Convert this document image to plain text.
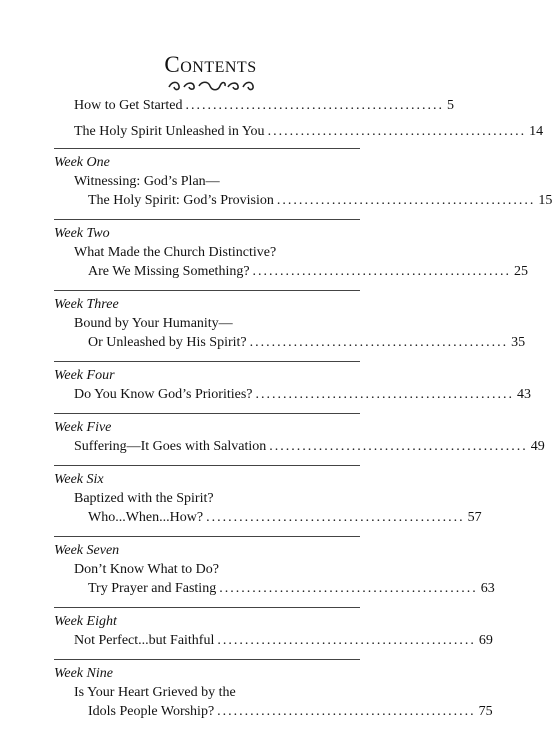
Contents
How to Get Started ............................................... 5
The Holy Spirit Unleashed in You ............................................... 14
Week One
Witnessing: God’s Plan—
The Holy Spirit: God’s Provision ............................................... 15
Week Two
What Made the Church Distinctive?
Are We Missing Something? ............................................... 25
Week Three
Bound by Your Humanity—
Or Unleashed by His Spirit? ............................................... 35
Week Four
Do You Know God’s Priorities? ............................................... 43
Week Five
Suffering—It Goes with Salvation ............................................... 49
Week Six
Baptized with the Spirit?
Who...When...How? ............................................... 57
Week Seven
Don’t Know What to Do?
Try Prayer and Fasting ............................................... 63
Week Eight
Not Perfect...but Faithful ............................................... 69
Week Nine
Is Your Heart Grieved by the
Idols People Worship? ............................................... 75
